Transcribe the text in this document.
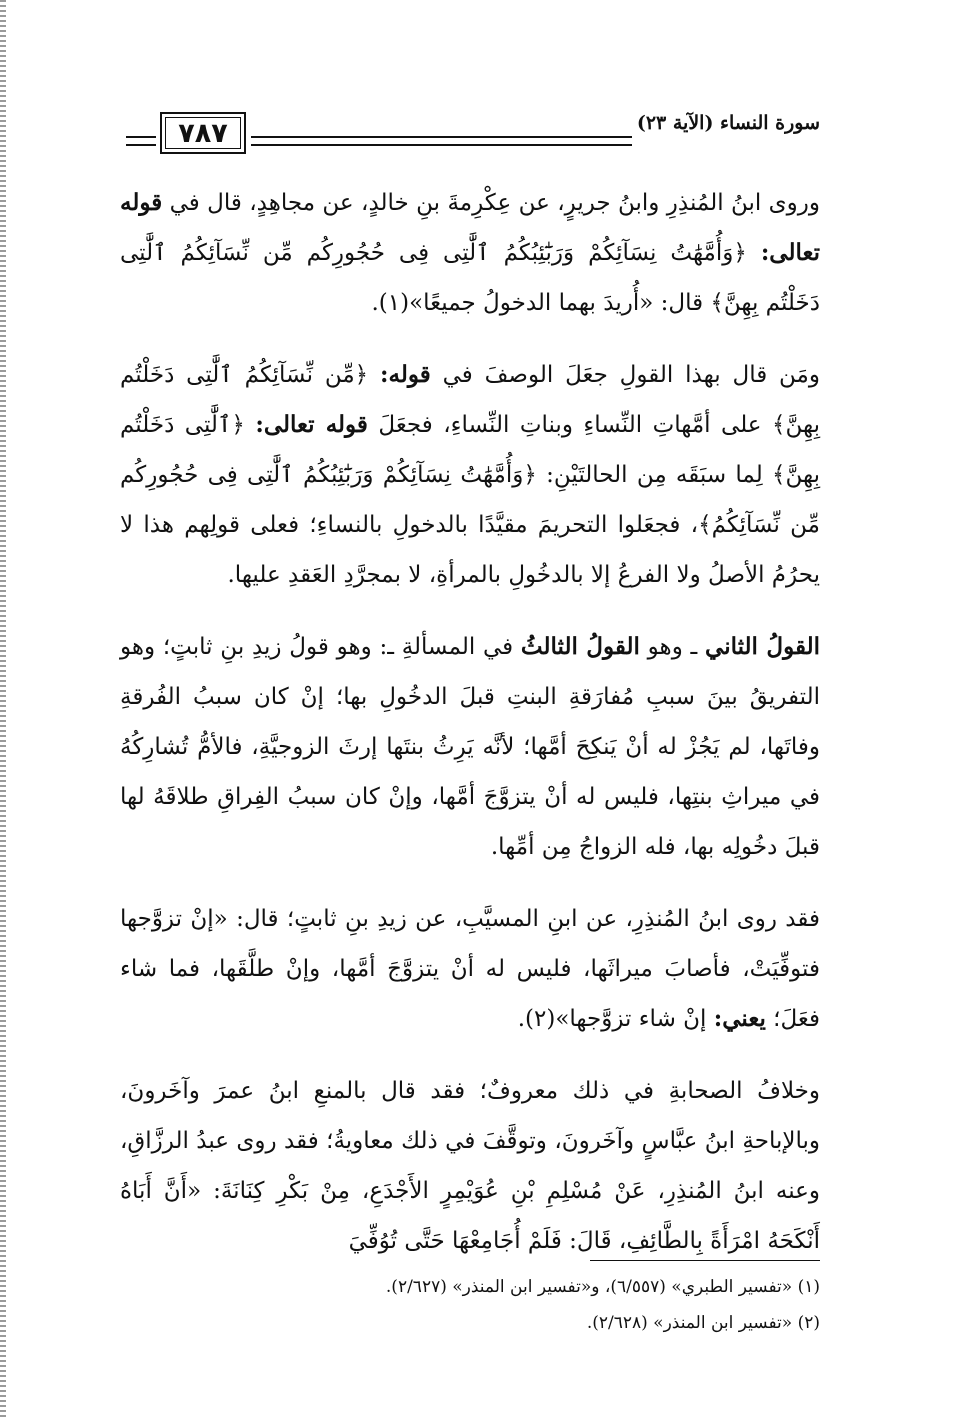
سورة النساء (الآية ٢٣)
٧٨٧

وروى ابنُ المُنذِرِ وابنُ جريرٍ، عن عِكْرِمةَ بنِ خالدٍ، عن مجاهِدٍ، قال في قوله تعالى: ﴿وَأُمَّهَٰتُ نِسَآئِكُمْ وَرَبَٰٓئِبُكُمُ ٱلَّٰتِى فِى حُجُورِكُم مِّن نِّسَآئِكُمُ ٱلَّٰتِى دَخَلْتُم بِهِنَّ﴾ قال: «أُريدَ بهما الدخولُ جميعًا»(١).

ومَن قال بهذا القولِ جعَلَ الوصفَ في قوله: ﴿مِّن نِّسَآئِكُمُ ٱلَّٰتِى دَخَلْتُم بِهِنَّ﴾ على أمَّهاتِ النِّساءِ وبناتِ النِّساءِ، فجعَلَ قوله تعالى: ﴿ٱلَّٰتِى دَخَلْتُم بِهِنَّ﴾ لِما سبَقَه مِن الحالتَيْنِ: ﴿وَأُمَّهَٰتُ نِسَآئِكُمْ وَرَبَٰٓئِبُكُمُ ٱلَّٰتِى فِى حُجُورِكُم مِّن نِّسَآئِكُمُ﴾، فجعَلوا التحريمَ مقيَّدًا بالدخولِ بالنساءِ؛ فعلى قولِهم هذا لا يحرُمُ الأصلُ ولا الفرعُ إلا بالدخُولِ بالمرأةِ، لا بمجرَّدِ العَقدِ عليها.

القولُ الثاني ـ وهو القولُ الثالثُ في المسألةِ ـ: وهو قولُ زيدِ بنِ ثابتٍ؛ وهو التفريقُ بينَ سببِ مُفارَقةِ البنتِ قبلَ الدخُولِ بها؛ إنْ كان سببُ الفُرقةِ وفاتَها، لم يَجُزْ له أنْ يَنكِحَ أمَّها؛ لأنَّه يَرِثُ بنتَها إرثَ الزوجيَّةِ، فالأمُّ تُشارِكُهُ في ميراثِ بنتِها، فليس له أنْ يتزوَّجَ أمَّها، وإنْ كان سببُ الفِراقِ طلاقَهُ لها قبلَ دخُولِه بها، فله الزواجُ مِن أمِّها.

فقد روى ابنُ المُنذِرِ، عن ابنِ المسيَّبِ، عن زيدِ بنِ ثابتٍ؛ قال: «إنْ تزوَّجها فتوفِّيَتْ، فأصابَ ميراثَها، فليس له أنْ يتزوَّجَ أمَّها، وإنْ طلَّقَها، فما شاء فعَلَ؛ يعني: إنْ شاء تزوَّجها»(٢).

وخلافُ الصحابةِ في ذلك معروفٌ؛ فقد قال بالمنعِ ابنُ عمرَ وآخَرونَ، وبالإباحةِ ابنُ عبَّاسٍ وآخَرونَ، وتوقَّفَ في ذلك معاويةُ؛ فقد روى عبدُ الرزَّاقِ، وعنه ابنُ المُنذِرِ، عَنْ مُسْلِمِ بْنِ عُوَيْمِرٍ الأَجْدَعِ، مِنْ بَكْرِ كِنَانَةَ: «أَنَّ أَبَاهُ أَنْكَحَهُ امْرَأَةً بِالطَّائِفِ، قَالَ: فَلَمْ أُجَامِعْهَا حَتَّى تُوُفِّيَ

(١) «تفسير الطبري» (٦/٥٥٧)، و«تفسير ابن المنذر» (٢/٦٢٧).

(٢) «تفسير ابن المنذر» (٢/٦٢٨).
